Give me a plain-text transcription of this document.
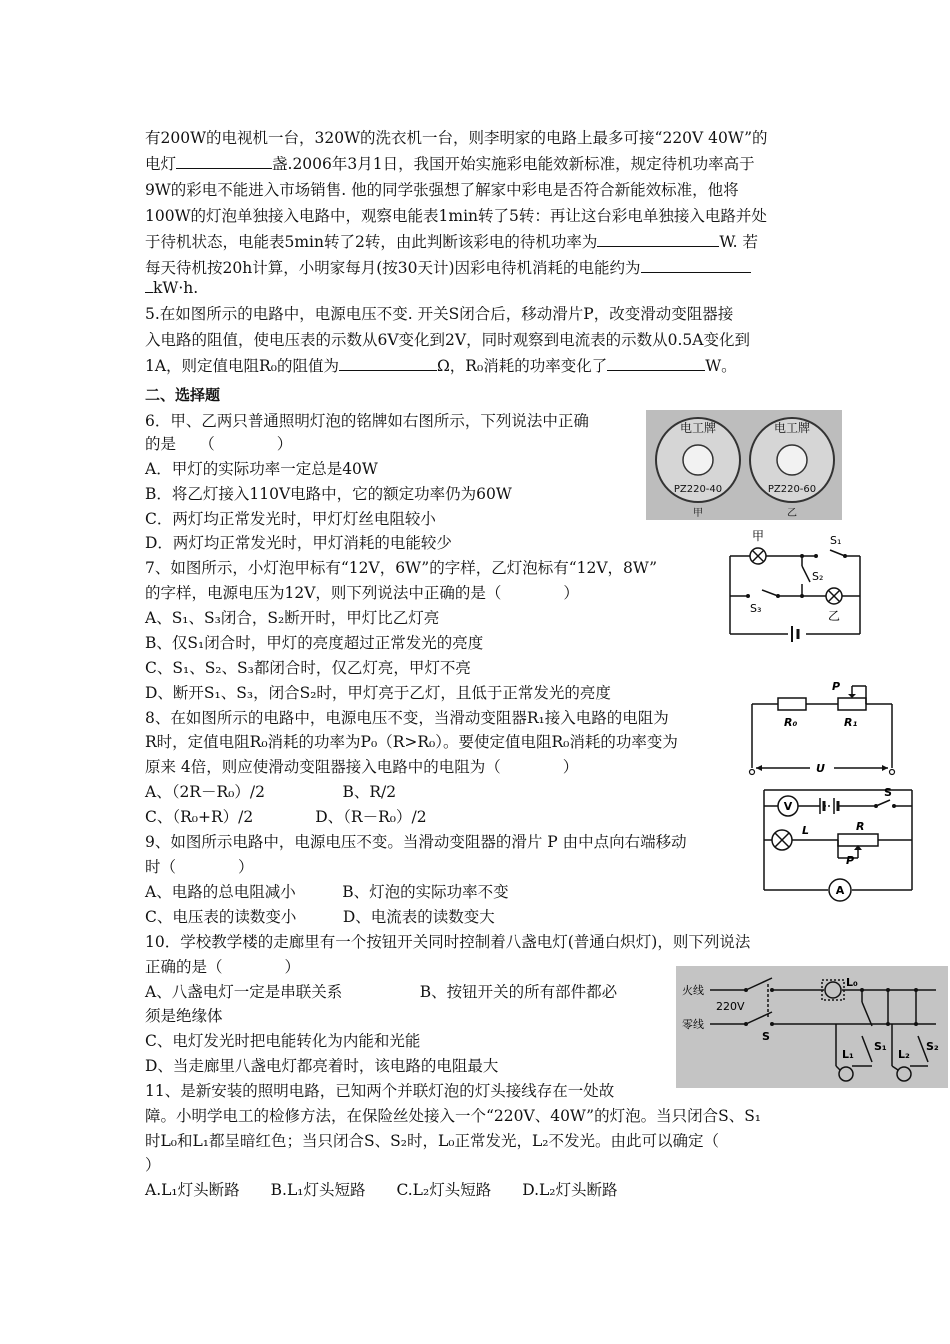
有200W的电视机一台，320W的洗衣机一台，则李明家的电路上最多可接“220V 40W”的
电灯	盏.2006年3月1日，我国开始实施彩电能效新标准，规定待机功率高于
9W的彩电不能进入市场销售. 他的同学张强想了解家中彩电是否符合新能效标准，他将
100W的灯泡单独接入电路中，观察电能表1min转了5转：再让这台彩电单独接入电路并处
于待机状态，电能表5min转了2转，由此判断该彩电的待机功率为	W. 若
每天待机按20h计算，小明家每月(按30天计)因彩电待机消耗的电能约为
kW·h.
5.在如图所示的电路中，电源电压不变. 开关S闭合后，移动滑片P，改变滑动变阻器接
入电路的阻值，使电压表的示数从6V变化到2V，同时观察到电流表的示数从0.5A变化到
1A，则定值电阻R₀的阻值为	Ω，R₀消耗的功率变化了	W。
二、选择题
6．甲、乙两只普通照明灯泡的铭牌如右图所示，下列说法中正确
的是　　（　　　　）
A．甲灯的实际功率一定总是40W
B．将乙灯接入110V电路中，它的额定功率仍为60W
C．两灯均正常发光时，甲灯灯丝电阻较小
D．两灯均正常发光时，甲灯消耗的电能较少
7、如图所示，小灯泡甲标有“12V，6W”的字样，乙灯泡标有“12V，8W”
的字样，电源电压为12V，则下列说法中正确的是（　　　　）
A、S₁、S₃闭合，S₂断开时，甲灯比乙灯亮
B、仅S₁闭合时，甲灯的亮度超过正常发光的亮度
C、S₁、S₂、S₃都闭合时，仅乙灯亮，甲灯不亮
D、断开S₁、S₃，闭合S₂时，甲灯亮于乙灯，且低于正常发光的亮度
8、在如图所示的电路中，电源电压不变，当滑动变阻器R₁接入电路的电阻为
R时，定值电阻R₀消耗的功率为P₀（R>R₀）。要使定值电阻R₀消耗的功率变为
原来 4倍，则应使滑动变阻器接入电路中的电阻为（　　　　）
A、（2R－R₀）/2　　　　　B、R/2
C、（R₀+R）/2　　　　D、（R－R₀）/2
9、如图所示电路中，电源电压不变。当滑动变阻器的滑片 P 由中点向右端移动
时（　　　　）
A、电路的总电阻减小　　　B、灯泡的实际功率不变
C、电压表的读数变小　　　D、电流表的读数变大
10．学校教学楼的走廊里有一个按钮开关同时控制着八盏电灯(普通白炽灯)，则下列说法
正确的是（　　　　）
A、八盏电灯一定是串联关系　　　　　B、按钮开关的所有部件都必
须是绝缘体
C、电灯发光时把电能转化为内能和光能
D、当走廊里八盏电灯都亮着时，该电路的电阻最大
11、是新安装的照明电路，已知两个并联灯泡的灯头接线存在一处故
障。小明学电工的检修方法，在保险丝处接入一个“220V、40W”的灯泡。当只闭合S、S₁
时L₀和L₁都呈暗红色；当只闭合S、S₂时，L₀正常发光，L₂不发光。由此可以确定（
）
A.L₁灯头断路　　B.L₁灯头短路　　C.L₂灯头短路　　D.L₂灯头断路
电工牌
PZ220-40
甲
电工牌
PZ220-60
乙
甲	S₁
S₂
S₃
乙
R₀	R₁
P
U
V
S
L	R
P
A
火线
零线
220V
S
L₀
L₁
S₁
L₂
S₂
